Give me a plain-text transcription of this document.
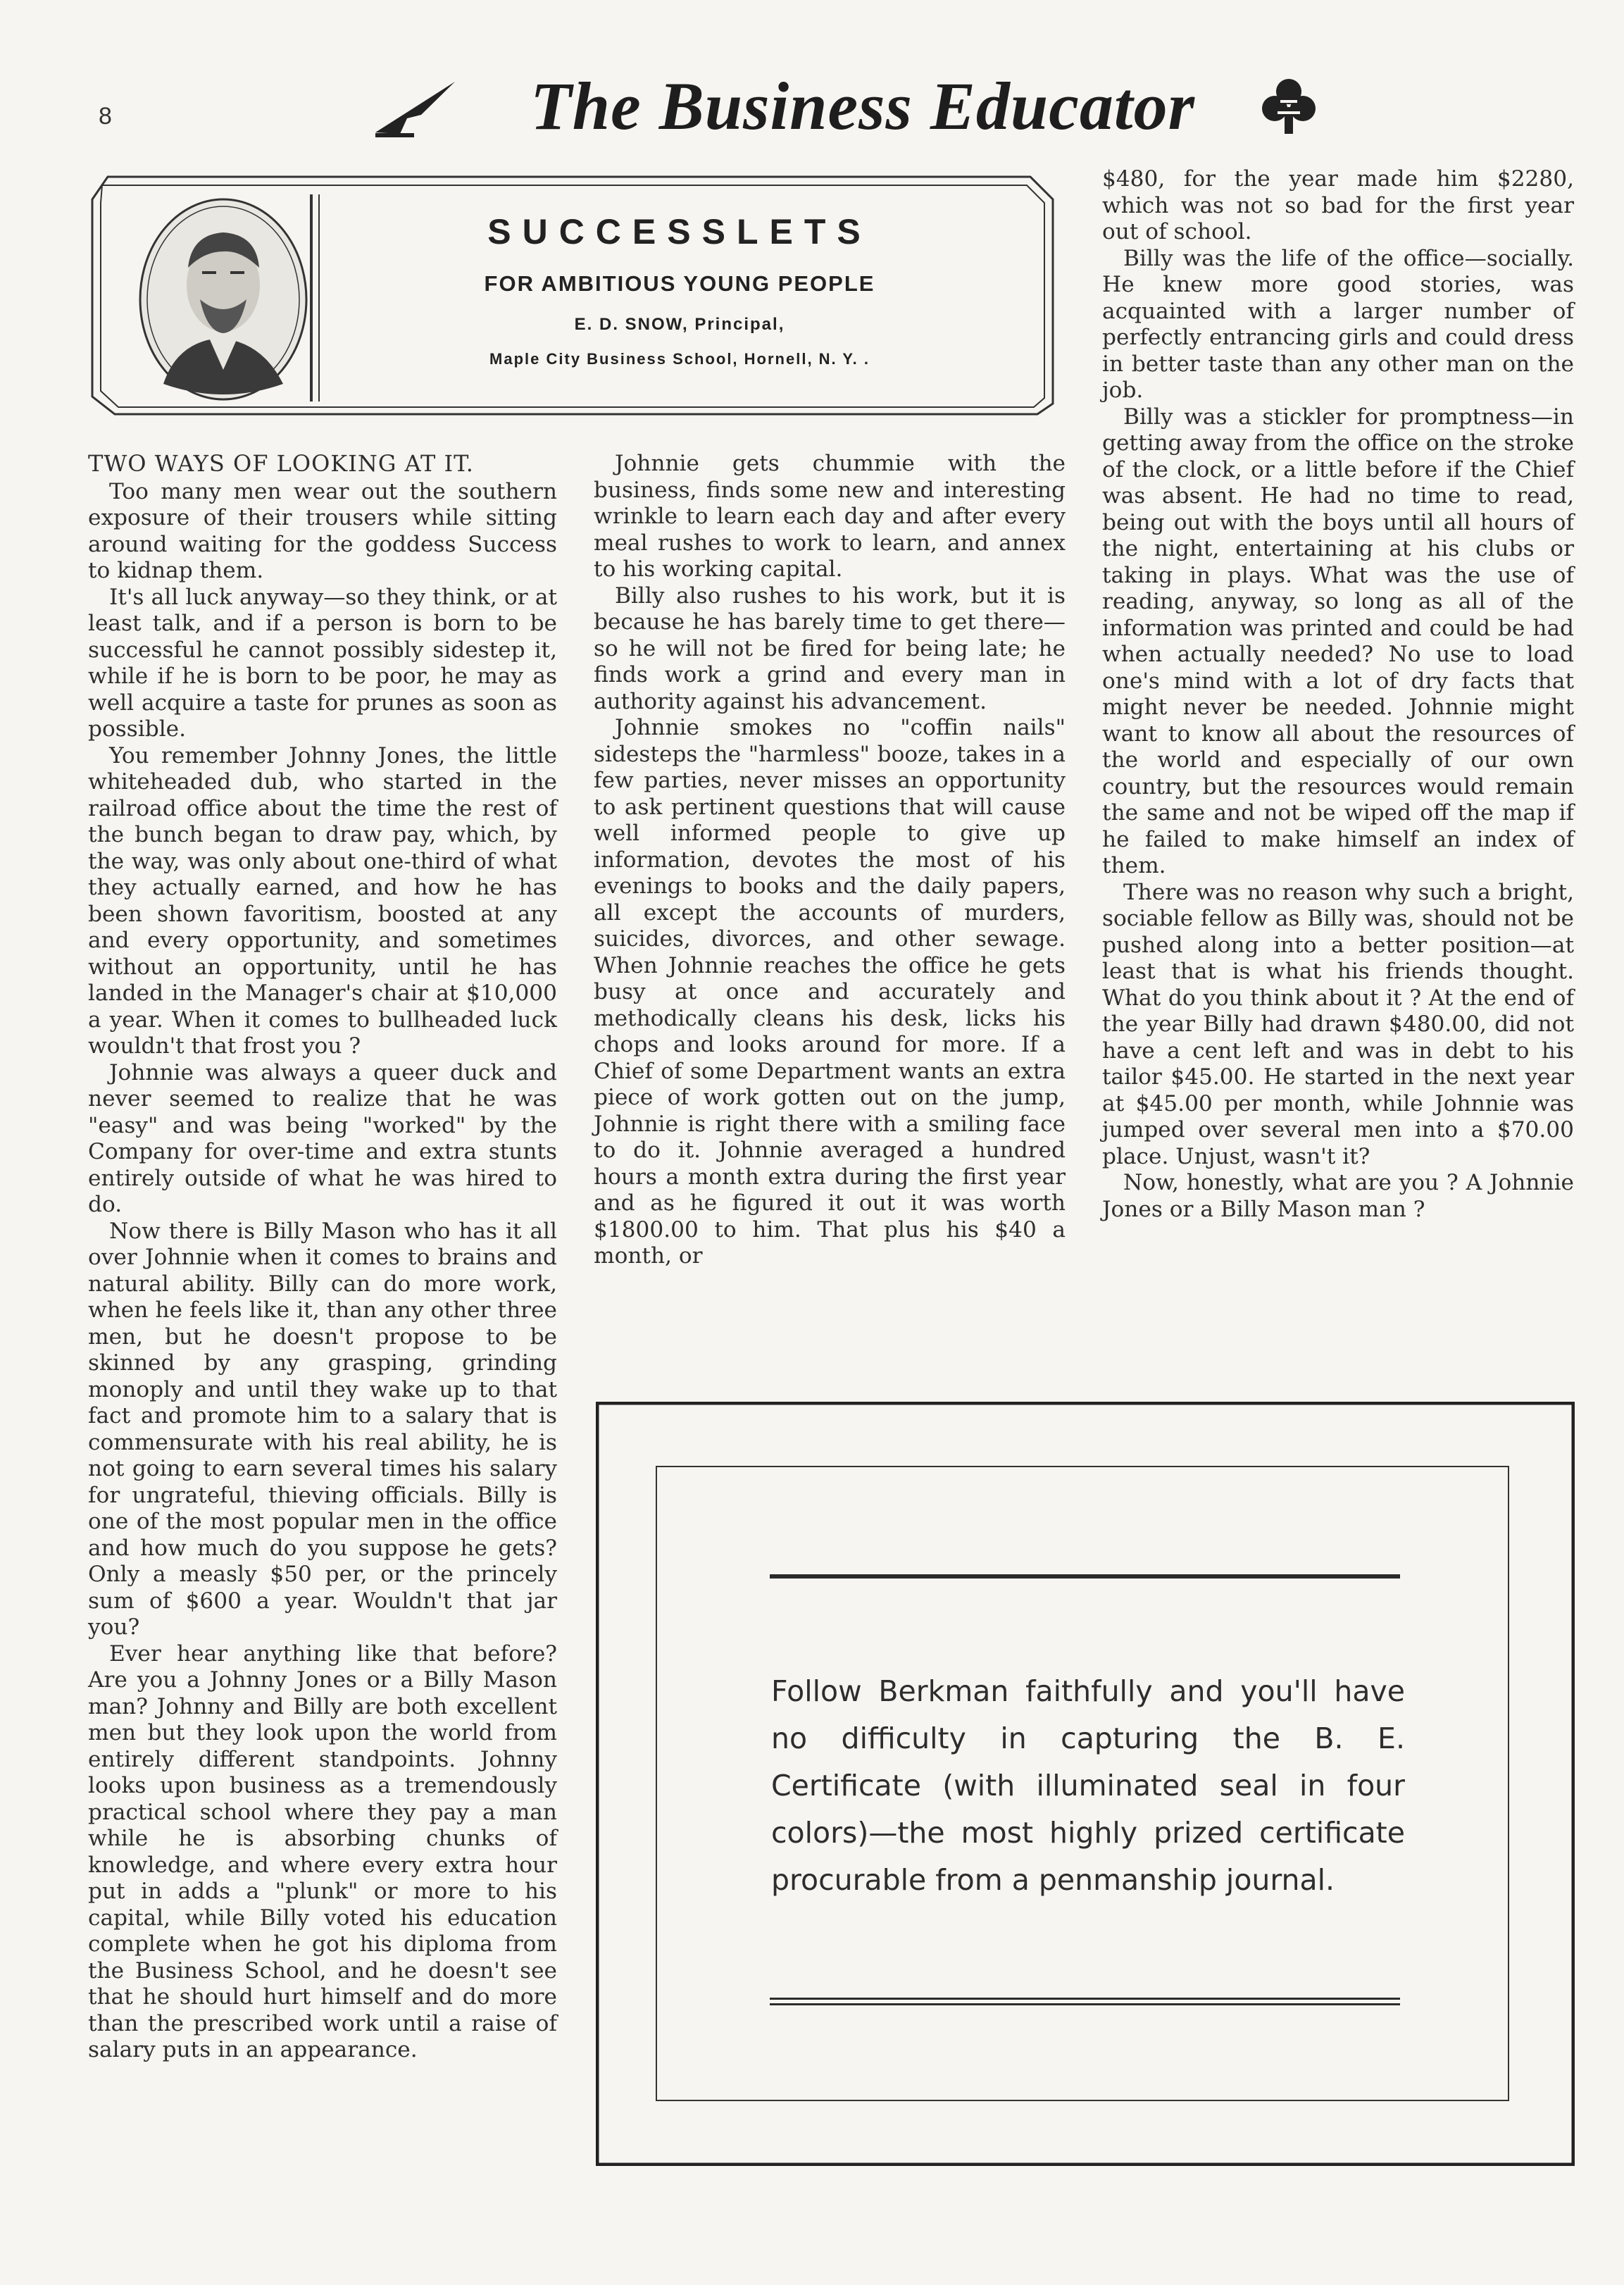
8	The Business Educator
SUCCESSLETS
FOR AMBITIOUS YOUNG PEOPLE
E. D. SNOW, Principal,
Maple City Business School, Hornell, N. Y. .

TWO WAYS OF LOOKING AT IT.

Too many men wear out the southern exposure of their trousers while sitting around waiting for the goddess Success to kidnap them.

It's all luck anyway—so they think, or at least talk, and if a person is born to be successful he cannot possibly sidestep it, while if he is born to be poor, he may as well acquire a taste for prunes as soon as possible.

You remember Johnny Jones, the little whiteheaded dub, who started in the railroad office about the time the rest of the bunch began to draw pay, which, by the way, was only about one-third of what they actually earned, and how he has been shown favoritism, boosted at any and every opportunity, and sometimes without an opportunity, until he has landed in the Manager's chair at $10,000 a year. When it comes to bullheaded luck wouldn't that frost you ?

Johnnie was always a queer duck and never seemed to realize that he was "easy" and was being "worked" by the Company for over-time and extra stunts entirely outside of what he was hired to do.

Now there is Billy Mason who has it all over Johnnie when it comes to brains and natural ability. Billy can do more work, when he feels like it, than any other three men, but he doesn't propose to be skinned by any grasping, grinding monoply and until they wake up to that fact and promote him to a salary that is commensurate with his real ability, he is not going to earn several times his salary for ungrateful, thieving officials. Billy is one of the most popular men in the office and how much do you suppose he gets? Only a measly $50 per, or the princely sum of $600 a year. Wouldn't that jar you?

Ever hear anything like that before? Are you a Johnny Jones or a Billy Mason man? Johnny and Billy are both excellent men but they look upon the world from entirely different standpoints. Johnny looks upon business as a tremendously practical school where they pay a man while he is absorbing chunks of knowledge, and where every extra hour put in adds a "plunk" or more to his capital, while Billy voted his education complete when he got his diploma from the Business School, and he doesn't see that he should hurt himself and do more than the prescribed work until a raise of salary puts in an appearance.

Johnnie gets chummie with the business, finds some new and interesting wrinkle to learn each day and after every meal rushes to work to learn, and annex to his working capital.

Billy also rushes to his work, but it is because he has barely time to get there—so he will not be fired for being late; he finds work a grind and every man in authority against his advancement.

Johnnie smokes no "coffin nails" sidesteps the "harmless" booze, takes in a few parties, never misses an opportunity to ask pertinent questions that will cause well informed people to give up information, devotes the most of his evenings to books and the daily papers, all except the accounts of murders, suicides, divorces, and other sewage. When Johnnie reaches the office he gets busy at once and accurately and methodically cleans his desk, licks his chops and looks around for more. If a Chief of some Department wants an extra piece of work gotten out on the jump, Johnnie is right there with a smiling face to do it. Johnnie averaged a hundred hours a month extra during the first year and as he figured it out it was worth $1800.00 to him. That plus his $40 a month, or

$480, for the year made him $2280, which was not so bad for the first year out of school.

Billy was the life of the office—socially. He knew more good stories, was acquainted with a larger number of perfectly entrancing girls and could dress in better taste than any other man on the job.

Billy was a stickler for promptness—in getting away from the office on the stroke of the clock, or a little before if the Chief was absent. He had no time to read, being out with the boys until all hours of the night, entertaining at his clubs or taking in plays. What was the use of reading, anyway, so long as all of the information was printed and could be had when actually needed? No use to load one's mind with a lot of dry facts that might never be needed. Johnnie might want to know all about the resources of the world and especially of our own country, but the resources would remain the same and not be wiped off the map if he failed to make himself an index of them.

There was no reason why such a bright, sociable fellow as Billy was, should not be pushed along into a better position—at least that is what his friends thought. What do you think about it ? At the end of the year Billy had drawn $480.00, did not have a cent left and was in debt to his tailor $45.00. He started in the next year at $45.00 per month, while Johnnie was jumped over several men into a $70.00 place. Unjust, wasn't it?

Now, honestly, what are you ? A Johnnie Jones or a Billy Mason man ?

Follow Berkman faithfully and you'll have no difficulty in capturing the B. E. Certificate (with illuminated seal in four colors)—the most highly prized certificate procurable from a penmanship journal.
